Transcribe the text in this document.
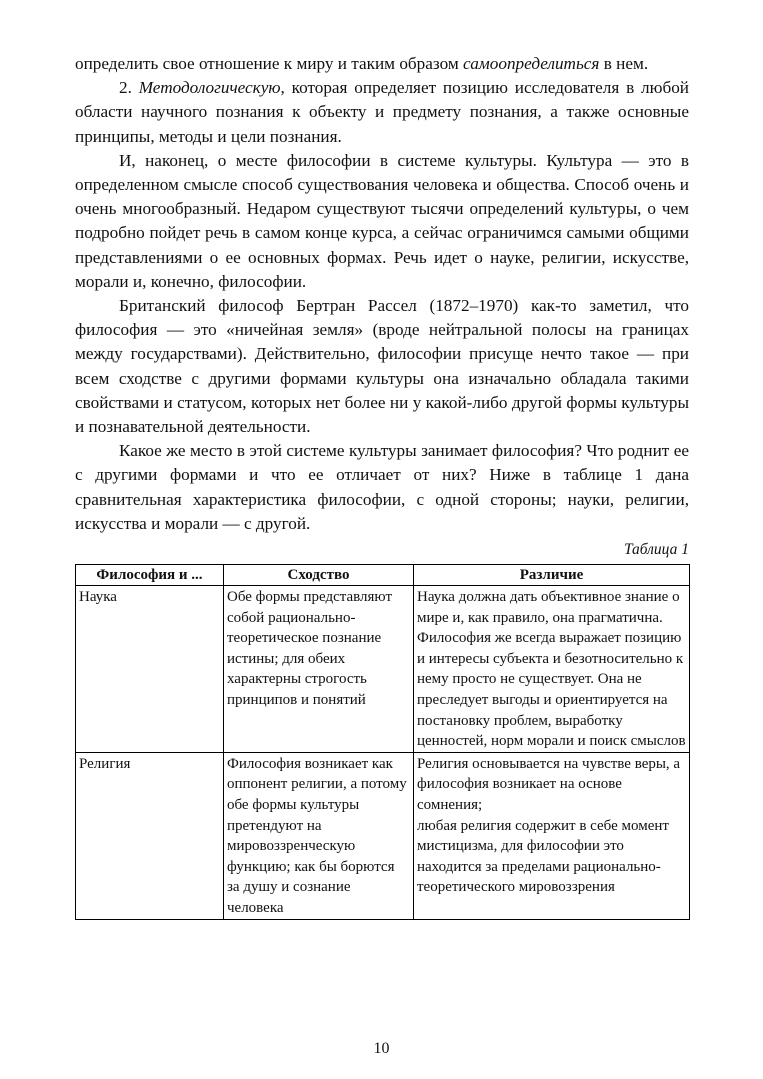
определить свое отношение к миру и таким образом самоопределиться в нем.

2. Методологическую, которая определяет позицию исследователя в любой области научного познания к объекту и предмету познания, а также основные принципы, методы и цели познания.

И, наконец, о месте философии в системе культуры. Культура — это в определенном смысле способ существования человека и общества. Способ очень и очень многообразный. Недаром существуют тысячи определений культуры, о чем подробно пойдет речь в самом конце курса, а сейчас ограничимся самыми общими представлениями о ее основных формах. Речь идет о науке, религии, искусстве, морали и, конечно, философии.

Британский философ Бертран Рассел (1872–1970) как-то заметил, что философия — это «ничейная земля» (вроде нейтральной полосы на границах между государствами). Действительно, философии присуще нечто такое — при всем сходстве с другими формами культуры она изначально обладала такими свойствами и статусом, которых нет более ни у какой-либо другой формы культуры и познавательной деятельности.

Какое же место в этой системе культуры занимает философия? Что роднит ее с другими формами и что ее отличает от них? Ниже в таблице 1 дана сравнительная характеристика философии, с одной стороны; науки, религии, искусства и морали — с другой.

Таблица 1
Философия и ...	Сходство	Различие
Наука	Обе формы представляют собой рационально-теоретическое познание истины; для обеих характерны строгость принципов и понятий	Наука должна дать объективное знание о мире и, как правило, она прагматична. Философия же всегда выражает позицию и интересы субъекта и безотносительно к нему просто не существует. Она не преследует выгоды и ориентируется на постановку проблем, выработку ценностей, норм морали и поиск смыслов
Религия	Философия возникает как оппонент религии, а потому обе формы культуры претендуют на мировоззренческую функцию; как бы борются за душу и сознание человека	Религия основывается на чувстве веры, а философия возникает на основе сомнения;
любая религия содержит в себе момент мистицизма, для философии это находится за пределами рационально-теоретического мировоззрения
10
